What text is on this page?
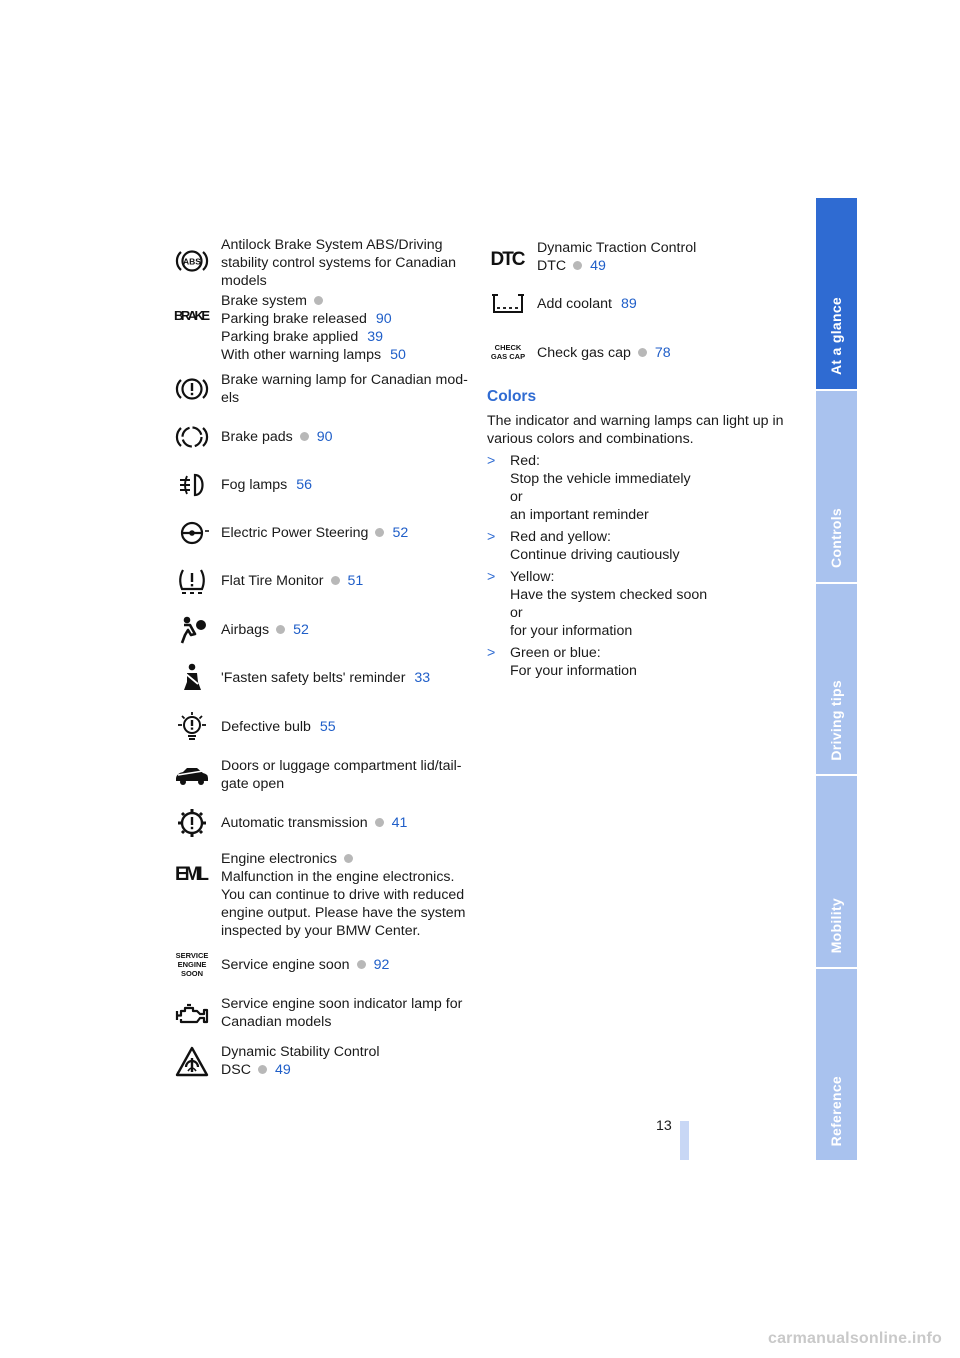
ABS
Antilock Brake System ABS/Driving
stability control systems for Canadian
models
BRAKE
Brake system
Parking brake released 90
Parking brake applied 39
With other warning lamps 50
Brake warning lamp for Canadian mod-
els
Brake pads 90
Fog lamps 56
Electric Power Steering 52
Flat Tire Monitor 51
Airbags 52
'Fasten safety belts' reminder 33
Defective bulb 55
Doors or luggage compartment lid/tail-
gate open
Automatic transmission 41
EML
Engine electronics
Malfunction in the engine electronics.
You can continue to drive with reduced
engine output. Please have the system
inspected by your BMW Center.
SERVICE
ENGINE
SOON
Service engine soon 92
Service engine soon indicator lamp for
Canadian models
Dynamic Stability Control
DSC 49
DTC
Dynamic Traction Control
DTC 49
Add coolant 89
CHECK
GAS CAP Check gas cap 78
Colors

The indicator and warning lamps can light up in various colors and combinations.

> Red:
Stop the vehicle immediately
or
an important reminder
> Red and yellow:
Continue driving cautiously
> Yellow:
Have the system checked soon
or
for your information
> Green or blue:
For your information
13
At a glance
Controls
Driving tips
Mobility
Reference
carmanualsonline.info
